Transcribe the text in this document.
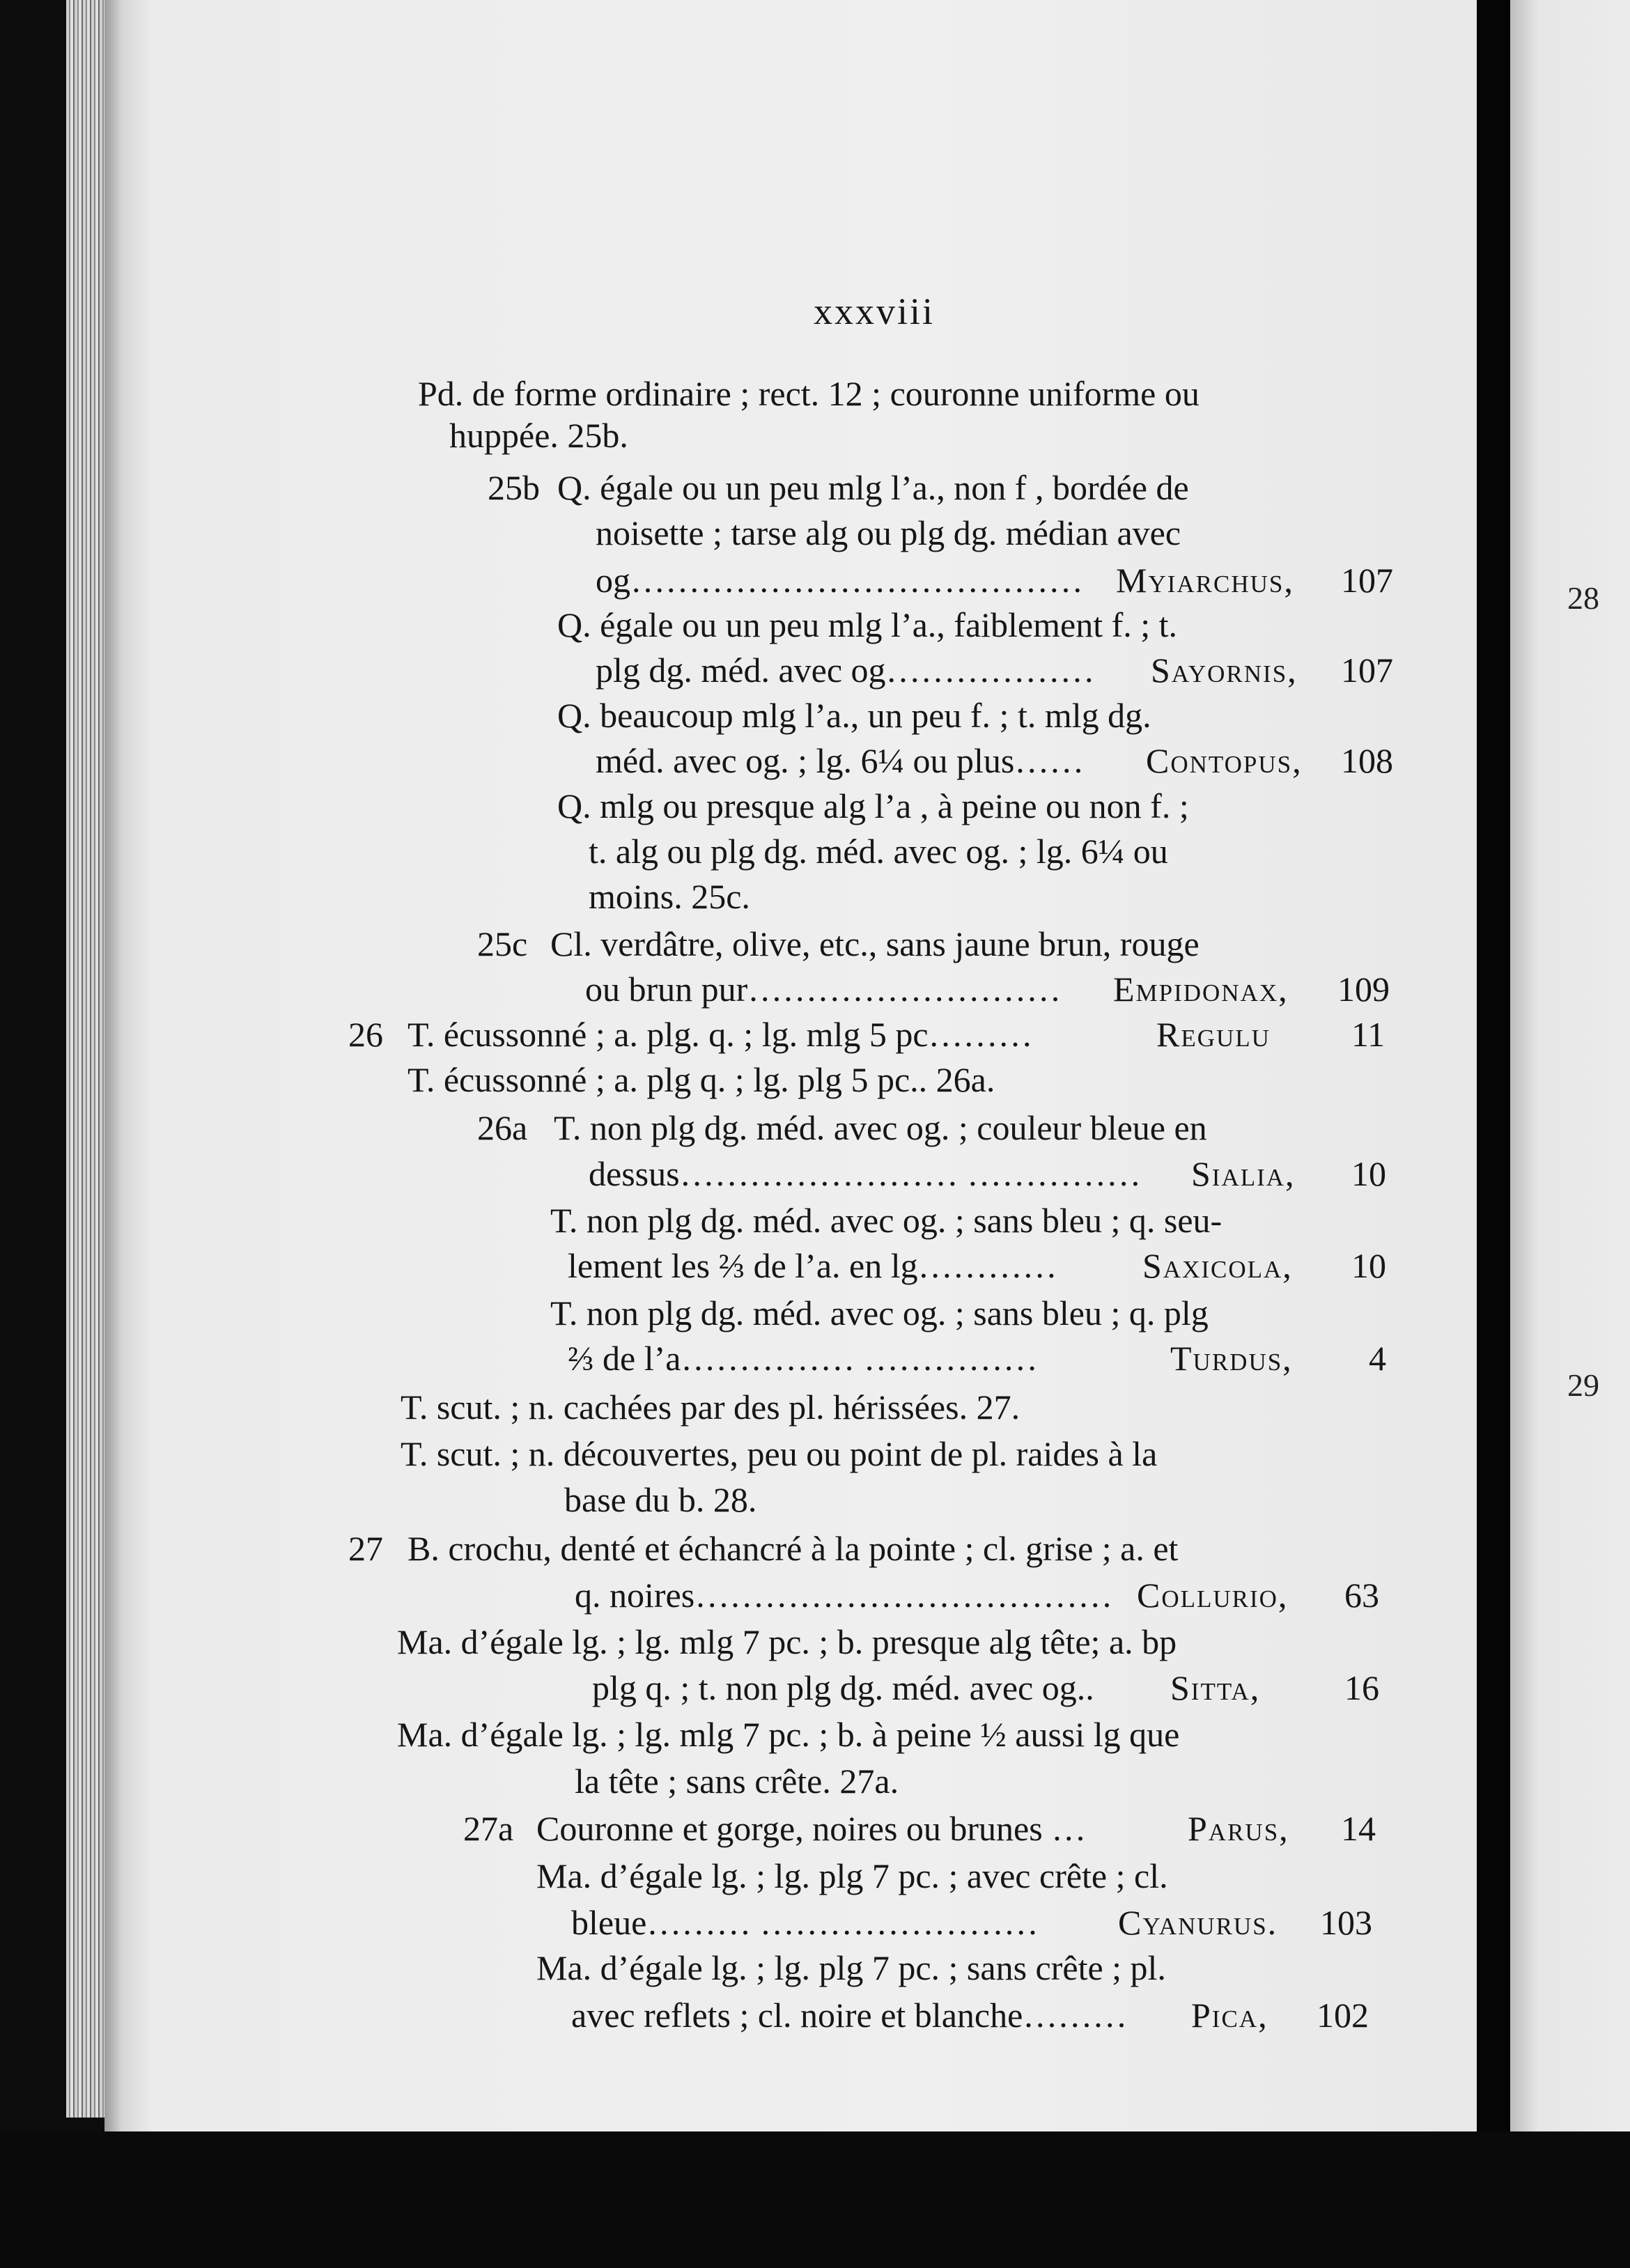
28
29
xxxviii
Pd. de forme ordinaire ; rect. 12 ; couronne uniforme ou
huppée. 25b.
25b Q. égale ou un peu mlg l’a., non f , bordée de
noisette ; tarse alg ou plg dg. médian avec
og………………………………… Myiarchus, 107
Q. égale ou un peu mlg l’a., faiblement f. ; t.
plg dg. méd. avec og……………… Sayornis, 107
Q. beaucoup mlg l’a., un peu f. ; t. mlg dg.
méd. avec og. ; lg. 6¼ ou plus…… Contopus, 108
Q. mlg ou presque alg l’a , à peine ou non f. ;
t. alg ou plg dg. méd. avec og. ; lg. 6¼ ou
moins. 25c.
25c Cl. verdâtre, olive, etc., sans jaune brun, rouge
ou brun pur……………………… Empidonax, 109
26 T. écussonné ; a. plg. q. ; lg. mlg 5 pc………	Regulu 11
T. écussonné ; a. plg q. ; lg. plg 5 pc.. 26a.
26a T. non plg dg. méd. avec og. ; couleur bleue en
dessus…………………… …………… Sialia, 10
T. non plg dg. méd. avec og. ; sans bleu ; q. seu-
lement les ⅔ de l’a. en lg………… Saxicola, 10
T. non plg dg. méd. avec og. ; sans bleu ; q. plg
⅔ de l’a…………… ……………	Turdus, 4
T. scut. ; n. cachées par des pl. hérissées. 27.
T. scut. ; n. découvertes, peu ou point de pl. raides à la
base du b. 28.
27 B. crochu, denté et échancré à la pointe ; cl. grise ; a. et
q. noires……………………………… Collurio, 63
Ma. d’égale lg. ; lg. mlg 7 pc. ; b. presque alg tête; a. bp
plg q. ; t. non plg dg. méd. avec og.. Sitta, 16
Ma. d’égale lg. ; lg. mlg 7 pc. ; b. à peine ½ aussi lg que
la tête ; sans crête. 27a.
27a Couronne et gorge, noires ou brunes …	Parus, 14
Ma. d’égale lg. ; lg. plg 7 pc. ; avec crête ; cl.
bleue……… …………………… Cyanurus. 103
Ma. d’égale lg. ; lg. plg 7 pc. ; sans crête ; pl.
avec reflets ; cl. noire et blanche……… Pica, 102
